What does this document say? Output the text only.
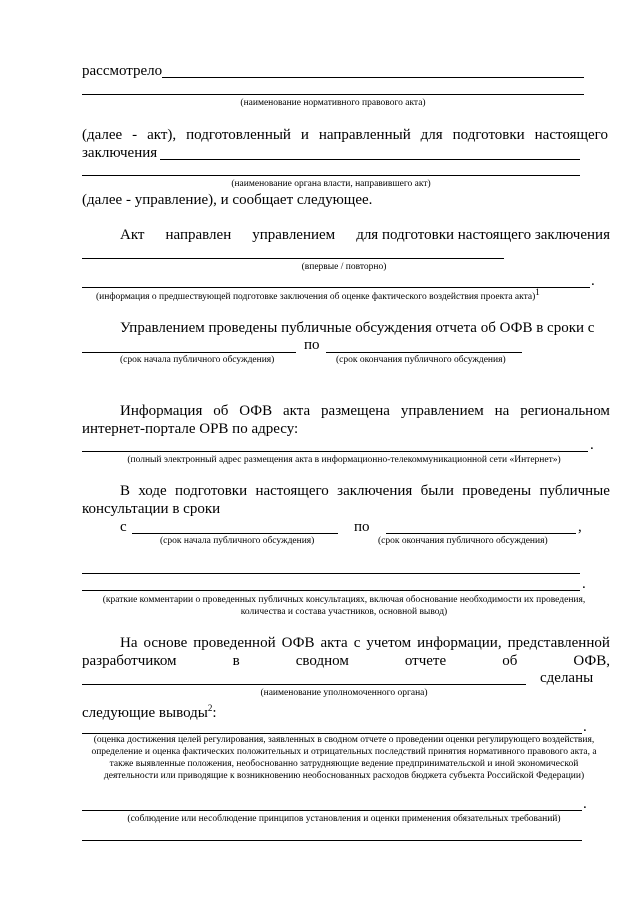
рассмотрело
(наименование нормативного правового акта)
(далее - акт), подготовленный и направленный для подготовки настоящего
заключения
(наименование органа власти, направившего акт)
(далее - управление), и сообщает следующее.
Акт направлен управлением для подготовки настоящего заключения
(впервые / повторно)
.
(информация о предшествующей подготовке заключения об оценке фактического воздействия проекта акта)$^1$
Управлением проведены публичные обсуждения отчета об ОФВ в сроки с
по
(срок начала публичного обсуждения)	(срок окончания публичного обсуждения)
Информация об ОФВ акта размещена управлением на региональном
интернет-портале ОРВ по адресу:
.
(полный электронный адрес размещения акта в информационно-телекоммуникационной сети «Интернет»)
В ходе подготовки настоящего заключения были проведены публичные
консультации в сроки
с	по	,
(срок начала публичного обсуждения)	(срок окончания публичного обсуждения)
.
(краткие комментарии о проведенных публичных консультациях, включая обоснование необходимости их проведения, количества и состава участников, основной вывод)
На основе проведенной ОФВ акта с учетом информации, представленной
разработчиком	в	сводном	отчете	об	ОФВ,
сделаны
(наименование уполномоченного органа)
следующие выводы$^2$:
.
(оценка достижения целей регулирования, заявленных в сводном отчете о проведении оценки регулирующего воздействия, определение и оценка фактических положительных и отрицательных последствий принятия нормативного правового акта, а также выявленные положения, необоснованно затрудняющие ведение предпринимательской и иной экономической деятельности или приводящие к возникновению необоснованных расходов бюджета субъекта Российской Федерации)
.
(соблюдение или несоблюдение принципов установления и оценки применения обязательных требований)
